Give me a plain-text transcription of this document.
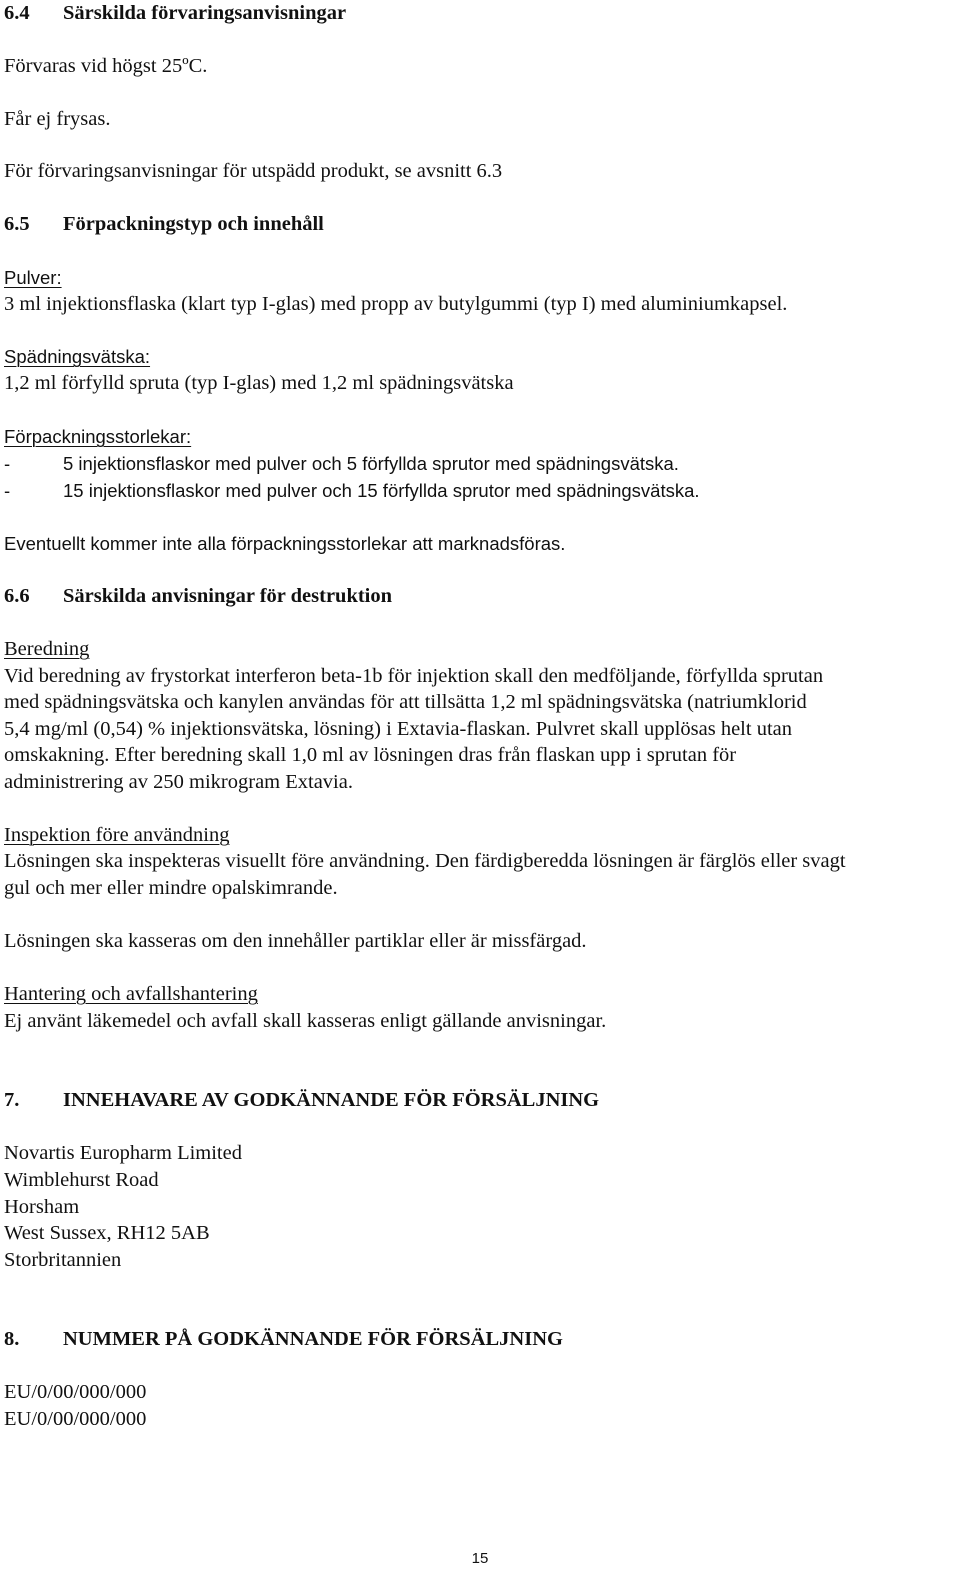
6.4 Särskilda förvaringsanvisningar
Förvaras vid högst 25ºC.
Får ej frysas.
För förvaringsanvisningar för utspädd produkt, se avsnitt 6.3
6.5 Förpackningstyp och innehåll
Pulver:
3 ml injektionsflaska (klart typ I-glas) med propp av butylgummi (typ I) med aluminiumkapsel.
Spädningsvätska:
1,2 ml förfylld spruta (typ I-glas) med 1,2 ml spädningsvätska
Förpackningsstorlekar:
-	5 injektionsflaskor med pulver och 5 förfyllda sprutor med spädningsvätska.
-	15 injektionsflaskor med pulver och 15 förfyllda sprutor med spädningsvätska.
Eventuellt kommer inte alla förpackningsstorlekar att marknadsföras.
6.6 Särskilda anvisningar för destruktion
Beredning
Vid beredning av frystorkat interferon beta-1b för injektion skall den medföljande, förfyllda sprutan
med spädningsvätska och kanylen användas för att tillsätta 1,2 ml spädningsvätska (natriumklorid
5,4 mg/ml (0,54) % injektionsvätska, lösning) i Extavia-flaskan. Pulvret skall upplösas helt utan
omskakning. Efter beredning skall 1,0 ml av lösningen dras från flaskan upp i sprutan för
administrering av 250 mikrogram Extavia.
Inspektion före användning
Lösningen ska inspekteras visuellt före användning. Den färdigberedda lösningen är färglös eller svagt
gul och mer eller mindre opalskimrande.
Lösningen ska kasseras om den innehåller partiklar eller är missfärgad.
Hantering och avfallshantering
Ej använt läkemedel och avfall skall kasseras enligt gällande anvisningar.
7. INNEHAVARE AV GODKÄNNANDE FÖR FÖRSÄLJNING
Novartis Europharm Limited
Wimblehurst Road
Horsham
West Sussex, RH12 5AB
Storbritannien
8. NUMMER PÅ GODKÄNNANDE FÖR FÖRSÄLJNING
EU/0/00/000/000
EU/0/00/000/000
15
